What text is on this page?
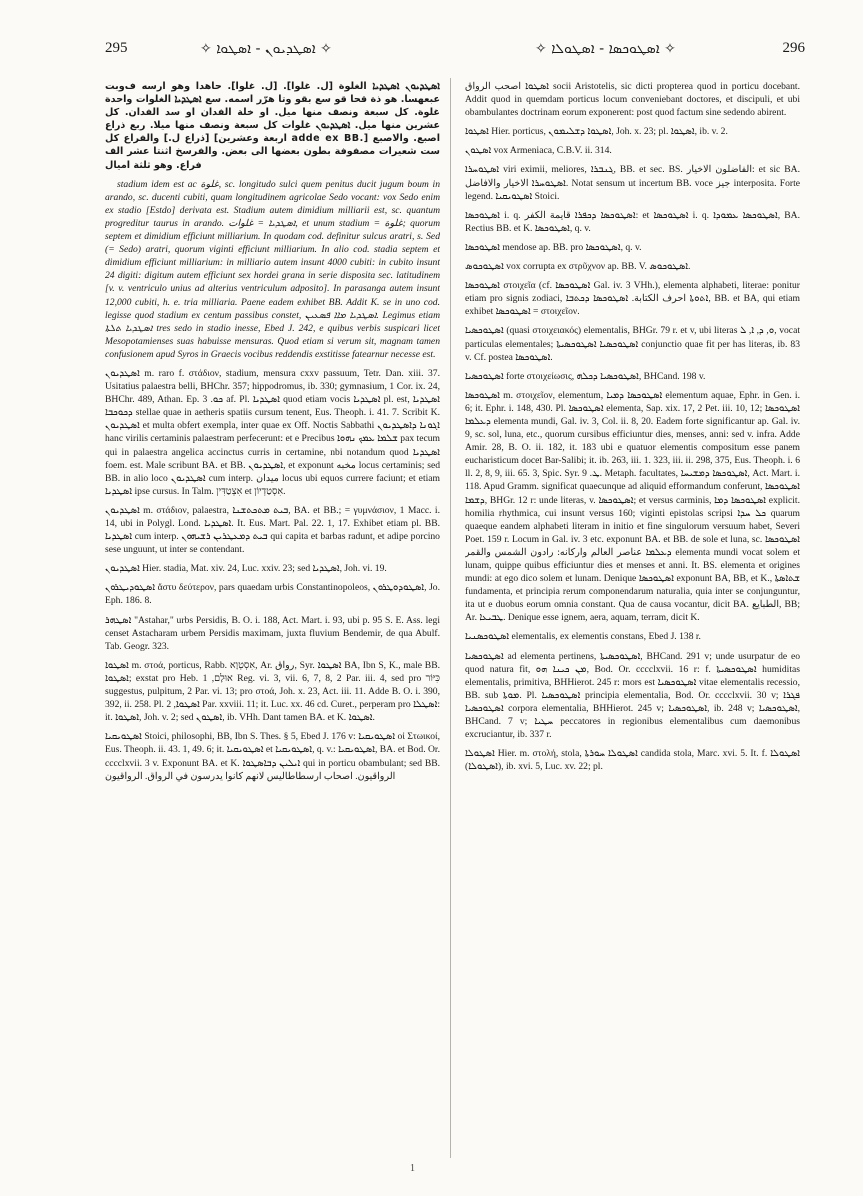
295	✧ ܐܣܛܕܝܘܢ - ܐܣܛܘܐ ✧	✧ ܐܣܛܘܟܣܐ - ܐܣܛܘܠܐ ✧	296

ܐܣܛܕܝܘܢ ܐܣܛܕܝܐ الغلوة [ل. غلوا]. [ل. غلوا]. حاهدا وهو ارسه ف‌وبت عبعهسا. هو ذ‌ة قحا قو سع بقو وتا هرّر اسمه. سع ܐܣܛܕܝܐ الغلوات واحدة غلوة. كل سبعة ونصف منها ميل. او خلة الفدان او سد الفدان. كل عشرين منها ميل. ܐܣܛܕܝܘܢ غلوات كل سبعة ونصف منها ميلا. ربع ذراع [ذراع ل.] والفراع كل [اربعة وعشرين adde ex BB.] اصبع. والاصبع ست شعيرات مصفوفة بطون بعضها الى بعض. والفرسخ اثنتا عشر الف فراع. وهو ثلثة اميال

stadium idem est ac غلوة, sc. longitudo sulci quem penitus ducit jugum boum in arando, sc. ducenti cubiti, quam longitudinem agricolae Sedo vocant: vox Sedo enim ex stadio [Estdo] derivata est. Stadium autem dimidium milliarii est, sc. quantum progreditur taurus in arando. ܐܣܛܕܝܐ = غلوات, et unum stadium = غلوة; quorum septem et dimidium efficiunt milliarium. In quodam cod. definitur sulcus aratri, s. Sed (= Sedo) aratri, quorum viginti efficiunt milliarium. In alio cod. stadia septem et dimidium efficiunt milliarium: in milliario autem insunt 4000 cubiti: in cubito insunt 24 digiti: digitum autem efficiunt sex hordei grana in serie disposita sec. latitudinem [v. v. ventriculo unius ad alterius ventriculum adposito]. In parasanga autem insunt 12,000 cubiti, h. e. tria milliaria. Paene eadem exhibet BB. Addit K. se in uno cod. legisse quod stadium ex centum passibus constet, ܐܣܛܕܝܐ ܡܐܐ ܦܣܥܝܢ. Legimus etiam ܐܣܛܕܝܐ ܬܠܬܐ tres sedo in stadio inesse, Ebed J. 242, e quibus verbis suspicari licet Mesopotamienses suas habuisse mensuras. Quod etiam si verum sit, magnam tamen confusionem apud Syros in Graecis vocibus reddendis exstitisse fatearnur necesse est.

ܐܣܛܕܝܘܢ m. raro f. στάδιον, stadium, mensura cxxv passuum, Tetr. Dan. xiii. 37. Usitatius palaestra belli, BHChr. 357; hippodromus, ib. 330; gymnasium, 1 Cor. ix. 24, BHChr. 489, Athan. Ep. ܟܘ. 3 af. Pl. ܐܣܛܕܝܐ quod etiam vocis ܐܣܛܕܝܐ pl. est, ܐܣܛܕܝܐ ܕܟܘܟܒܐ stellae quae in aetheris spatiis cursum tenent, Eus. Theoph. i. 41. 7. Scribit K. ܐܣܛܕܝܘܢ et multa obfert exempla, inter quae ex Off. Noctis Sabbathi ܐܓܘܢܐ ܕܐܣܛܕܝܘܢ hanc virilis certaminis palaestram perfecerunt: et e Precibus ܫܠܡܐ ܥܡܟ ܢܗܘܐ pax tecum qui in palaestra angelica accinctus curris in certamine, nbi notandum quod ܐܣܛܕܝܐ foem. est. Male scribunt BA. et BB. ܐܣܛܕܝܘܢ, et exponunt مخبه locus certaminis; sed BB. in alio loco ܐܣܛܕܝܘܢ cum interp. ميدان locus ubi equos currere faciunt; et etiam ܐܣܛܕܝܐ ipse cursus. In Talm. אִצְטַדִּין et אִסְטַדְיוֹן.

ܐܣܛܕܝܘܢ m. στάδιον, palaestra, ܒܝܬ ܡܬܟܬܫܢܐ, BA. et BB.; = γυμνάσιον, 1 Macc. i. 14, ubi in Polygl. Lond. ܐܣܛܕܝܐ. It. Eus. Mart. Pal. 22. 1, 17. Exhibet etiam pl. BB. ܐܣܛܕܝܐ cum interp. ܒܝܬ ܕܡܥܛܪܝܢ ܪܫܝܗܘܢ qui capita et barbas radunt, et adipe porcino sese unguunt, ut inter se contendant.

ܐܣܛܕܝܘܢ Hier. stadia, Mat. xiv. 24, Luc. xxiv. 23; sed ܐܣܛܕܝܐ, Joh. vi. 19.

ܐܣܛܘܕܝܛܪܘܢ ἄστυ δεύτερον, pars quaedam urbis Constantinopoleos, ܐܣܛܘܕܘܛܪܘܢ, Jo. Eph. 186. 8.

ܐܣܛܗܪ "Astahar," urbs Persidis, B. O. i. 188, Act. Mart. i. 93, ubi p. 95 S. E. Ass. legi censet Astacharam urbem Persidis maximam, juxta fluvium Bendemir, de qua Abulf. Tab. Geogr. 323.

ܐܣܛܘܐ m. στοά, porticus, Rabb. אִסְטְוָא, Ar. رواق, Syr. ܐܣܛܘܐ BA, Ibn S, K., male BB. ܐܣܛܘܐ; exstat pro Heb. אוּלָם, 1 Reg. vi. 3, vii. 6, 7, 8, 2 Par. iii. 4, sed pro כִּיּוֹר suggestus, pulpitum, 2 Par. vi. 13; pro στοά, Joh. x. 23, Act. iii. 11. Adde B. O. i. 390, 392, ii. 258. Pl. ܐܣܛܘܐ, 2 Par. xxviii. 11; it. Luc. xx. 46 cd. Curet., perperam pro ܐܣܛܠܐ: it. ܐܣܛܘܐ, Joh. v. 2; sed ܐܣܛܘܢ, ib. VHh. Dant tamen BA. et K. ܐܣܛܘܐ.

ܐܣܛܘܝܩܝܐ Stoici, philosophi, BB, Ibn S. Thes. § 5, Ebed J. 176 v: ܐܣܛܘܝܩܝܐ οἱ Στωικοί, Eus. Theoph. ii. 43. 1, 49. 6; it. ܐܣܛܘܝܩܝܐ et ܐܣܛܘܝܩܝܐ, q. v.: ܐܣܛܘܝܩܝܐ, BA. et Bod. Or. cccclxvii. 3 v. Exponunt BA. et K. ܐܝܠܝܢ ܕܒܐܣܛܘܐ qui in porticu obambulant; sed BB. الرواقيون. اصحاب ارسطاطاليس لانهم كانوا يدرسون في الرواق. الرواقيون

ܐܣܛܘܐ اصحب الرواق socii Aristotelis, sic dicti propterea quod in porticu docebant. Addit quod in quemdam porticus locum conveniebant doctores, et discipuli, et ubi obambulantes doctrinam eorum exponerent: post quod factum sine sedendo abirent.

ܐܣܛܘܐ Hier. porticus, ܐܣܛܘܐ ܕܫܠܝܡܘܢ, Joh. x. 23; pl. ܐܣܛܘܐ, ib. v. 2.

ܐܣܛܘܢ vox Armeniaca, C.B.V. ii. 314.

ܐܣܛܘܚܪܐ viri eximii, meliores, ܓܢܒܪܐ, BB. et sec. BS. الفاضلون الاخيار: et sic BA. ܐܣܛܘܚܪܐ الاخيار والافاضل. Notat sensum ut incertum BB. voce جيز interposita. Forte legend. ܐܣܛܘܝܩܝܐ Stoici.

ܐܣܛܘܟܣܐ i. q. ܐܣܛܘܟܣܐ ܕܟܦܪܐ قايمة الكفر: et ܐܣܛܘܟܣܐ i. q. ܐܣܛܘܟܣܐ ܥܡܘܕܐ, BA. Rectius BB. et K. ܐܣܛܘܟܣܐ, q. v.

ܐܣܛܘܟܣܐ mendose ap. BB. pro ܐܣܛܘܟܣܐ, q. v.

ܐܣܛܘܟܘܣ vox corrupta ex στρῦχνον ap. BB. V. ܐܣܛܘܟܘܣ.

ܐܣܛܘܟܣܐ στοιχεῖα (cf. ܐܣܛܘܟܣܐ Gal. iv. 3 VHh.), elementa alphabeti, literae: ponitur etiam pro signis zodiaci, ܐܬܘܬܐ احرف الكتابة. ܐܣܛܘܟܣܐ ܕܟܬܒܐ, BB. et BA, qui etiam exhibet ܐܣܛܘܟܣܐ = στοιχεῖον.

ܐܣܛܘܟܣܝܐ (quasi στοιχειακός) elementalis, BHGr. 79 r. et v, ubi literas ܘ, ܕ, ܐ, ܠ, vocat particulas elementales; ܐܣܛܘܟܣܝܐ ܐܣܛܘܟܣܝܬܐ conjunctio quae fit per has literas, ib. 83 v. Cf. postea ܐܣܛܘܟܣܐ.

ܐܣܛܘܟܣܝܐ forte στοιχείωσις, ܐܣܛܘܟܣܝܐ ܕܟܠܗ, BHCand. 198 v.

ܐܣܛܘܟܣܐ m. στοιχεῖον, elementum, ܐܣܛܘܟܣܐ ܕܡܝܐ elementum aquae, Ephr. in Gen. i. 6; it. Ephr. i. 148, 430. Pl. ܐܣܛܘܟܣܐ elementa, Sap. xix. 17, 2 Pet. iii. 10, 12; ܐܣܛܘܟܣܐ ܕܥܠܡܐ elementa mundi, Gal. iv. 3, Col. ii. 8, 20. Eadem forte significantur ap. Gal. iv. 9, sc. sol, luna, etc., quorum cursibus efficiuntur dies, menses, anni: sed v. infra. Adde Amir. 28, B. O. ii. 182, it. 183 ubi e quatuor elementis compositum esse panem eucharisticum docet Bar-Salibi; it. ib. 263, iii. 1. 323, iii. ii. 298, 375, Eus. Theoph. i. 6 ll. 2, 8, 9, iii. 65. 3, Spic. Syr. ܛ. 9. Metaph. facultates, ܐܣܛܘܟܣܐ ܕܡܫܝܚܐ, Act. Mart. i. 118. Apud Gramm. significat quaecunque ad aliquid efformandum conferunt, ܐܣܛܘܟܣܐ ܕܫܡܐ, BHGr. 12 r: unde literas, v. ܐܣܛܘܟܣܐ; et versus carminis, ܐܣܛܘܟܣܐ ܕܡܐ explicit. homilia rhythmica, cui insunt versus 160; viginti epistolas scripsi ܟܠ ܚܕܐ quarum quaeque eandem alphabeti literam in initio et fine singulorum versuum habet, Severi Poet. 159 r. Locum in Gal. iv. 3 etc. exponunt BA. et BB. de sole et luna, sc. ܐܣܛܘܟܣܐ ܕܥܠܡܐ عناصر العالم واركانه: رادون الشمس والقمر elementa mundi vocat solem et lunam, quippe quibus efficiuntur dies et menses et anni. It. BS. elementa et origines mundi: at ego dico solem et lunam. Denique ܐܣܛܘܟܣܐ exponunt BA, BB, et K., ܫܬܐܣܬܐ fundamenta, et principia rerum componendarum naturalia, quia inter se conjunguntur, ita ut e duobus eorum omnia constant. Qua de causa vocantur, dicit BA. الطبايع, BB; Ar. ܛܒܝܥܐ. Denique esse ignem, aera, aquam, terram, dicit K.

ܐܣܛܘܟܣܢܝܐ elementalis, ex elementis constans, Ebed J. 138 r.

ܐܣܛܘܟܣܝܐ ad elementa pertinens, ܐܣܛܘܟܣܝܬܐ, BHCand. 291 v; unde usurpatur de eo quod natura fit, ܡܢ ܟܝܢܐ ܗܘ, Bod. Or. cccclxvii. 16 r: f. ܐܣܛܘܟܣܝܬܐ humiditas elementalis, primitiva, BHHierot. 245 r: mors est ܐܣܛܘܟܣܝܐ vitae elementalis recessio, BB. sub ܡܘܬܐ. Pl. ܐܣܛܘܟܣܝܐ principia elementalia, Bod. Or. cccclxvii. 30 v; ܦܓܪܐ ܐܣܛܘܟܣܝܐ corpora elementalia, BHHierot. 245 v; ܐܣܛܘܟܣܝܐ, ib. 248 v; ܐܣܛܘܟܣܝܐ, BHCand. 7 v; ܚܛܝܐ peccatores in regionibus elementalibus cum daemonibus excruciantur, ib. 337 r.

ܐܣܛܘܠܐ Hier. m. στολή, stola, ܐܣܛܘܠܐ ܚܘܪܬܐ candida stola, Marc. xvi. 5. It. f. ܐܣܛܘܠܐ (ܐܣܛܘܠܐ), ib. xvi. 5, Luc. xv. 22; pl.

1
